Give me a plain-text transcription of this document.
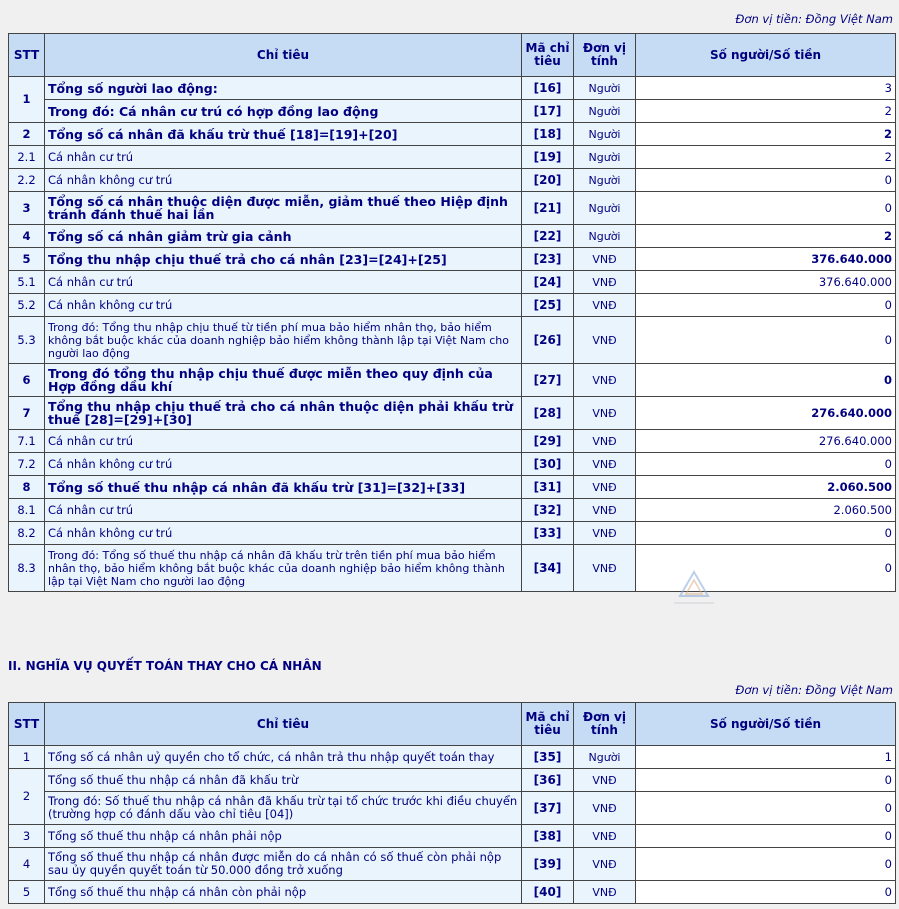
Đơn vị tiền: Đồng Việt Nam
STT	Chỉ tiêu	Mã chỉ tiêu	Đơn vị tính	Số người/Số tiền
1	Tổng số người lao động:	[16]	Người	3
	Trong đó: Cá nhân cư trú có hợp đồng lao động	[17]	Người	2
2	Tổng số cá nhân đã khấu trừ thuế [18]=[19]+[20]	[18]	Người	2
2.1	Cá nhân cư trú	[19]	Người	2
2.2	Cá nhân không cư trú	[20]	Người	0
3	Tổng số cá nhân thuộc diện được miễn, giảm thuế theo Hiệp định tránh đánh thuế hai lần	[21]	Người	0
4	Tổng số cá nhân giảm trừ gia cảnh	[22]	Người	2
5	Tổng thu nhập chịu thuế trả cho cá nhân [23]=[24]+[25]	[23]	VNĐ	376.640.000
5.1	Cá nhân cư trú	[24]	VNĐ	376.640.000
5.2	Cá nhân không cư trú	[25]	VNĐ	0
5.3	Trong đó: Tổng thu nhập chịu thuế từ tiền phí mua bảo hiểm nhân thọ, bảo hiểm không bắt buộc khác của doanh nghiệp bảo hiểm không thành lập tại Việt Nam cho người lao động	[26]	VNĐ	0
6	Trong đó tổng thu nhập chịu thuế được miễn theo quy định của Hợp đồng dầu khí	[27]	VNĐ	0
7	Tổng thu nhập chịu thuế trả cho cá nhân thuộc diện phải khấu trừ thuế [28]=[29]+[30]	[28]	VNĐ	276.640.000
7.1	Cá nhân cư trú	[29]	VNĐ	276.640.000
7.2	Cá nhân không cư trú	[30]	VNĐ	0
8	Tổng số thuế thu nhập cá nhân đã khấu trừ [31]=[32]+[33]	[31]	VNĐ	2.060.500
8.1	Cá nhân cư trú	[32]	VNĐ	2.060.500
8.2	Cá nhân không cư trú	[33]	VNĐ	0
8.3	Trong đó: Tổng số thuế thu nhập cá nhân đã khấu trừ trên tiền phí mua bảo hiểm nhân thọ, bảo hiểm không bắt buộc khác của doanh nghiệp bảo hiểm không thành lập tại Việt Nam cho người lao động	[34]	VNĐ	0
II. NGHĨA VỤ QUYẾT TOÁN THAY CHO CÁ NHÂN
Đơn vị tiền: Đồng Việt Nam
STT	Chỉ tiêu	Mã chỉ tiêu	Đơn vị tính	Số người/Số tiền
1	Tổng số cá nhân uỷ quyền cho tổ chức, cá nhân trả thu nhập quyết toán thay	[35]	Người	1
2	Tổng số thuế thu nhập cá nhân đã khấu trừ	[36]	VNĐ	0
	Trong đó: Số thuế thu nhập cá nhân đã khấu trừ tại tổ chức trước khi điều chuyển (trường hợp có đánh dấu vào chỉ tiêu [04])	[37]	VNĐ	0
3	Tổng số thuế thu nhập cá nhân phải nộp	[38]	VNĐ	0
4	Tổng số thuế thu nhập cá nhân được miễn do cá nhân có số thuế còn phải nộp sau ủy quyền quyết toán từ 50.000 đồng trở xuống	[39]	VNĐ	0
5	Tổng số thuế thu nhập cá nhân còn phải nộp	[40]	VNĐ	0
